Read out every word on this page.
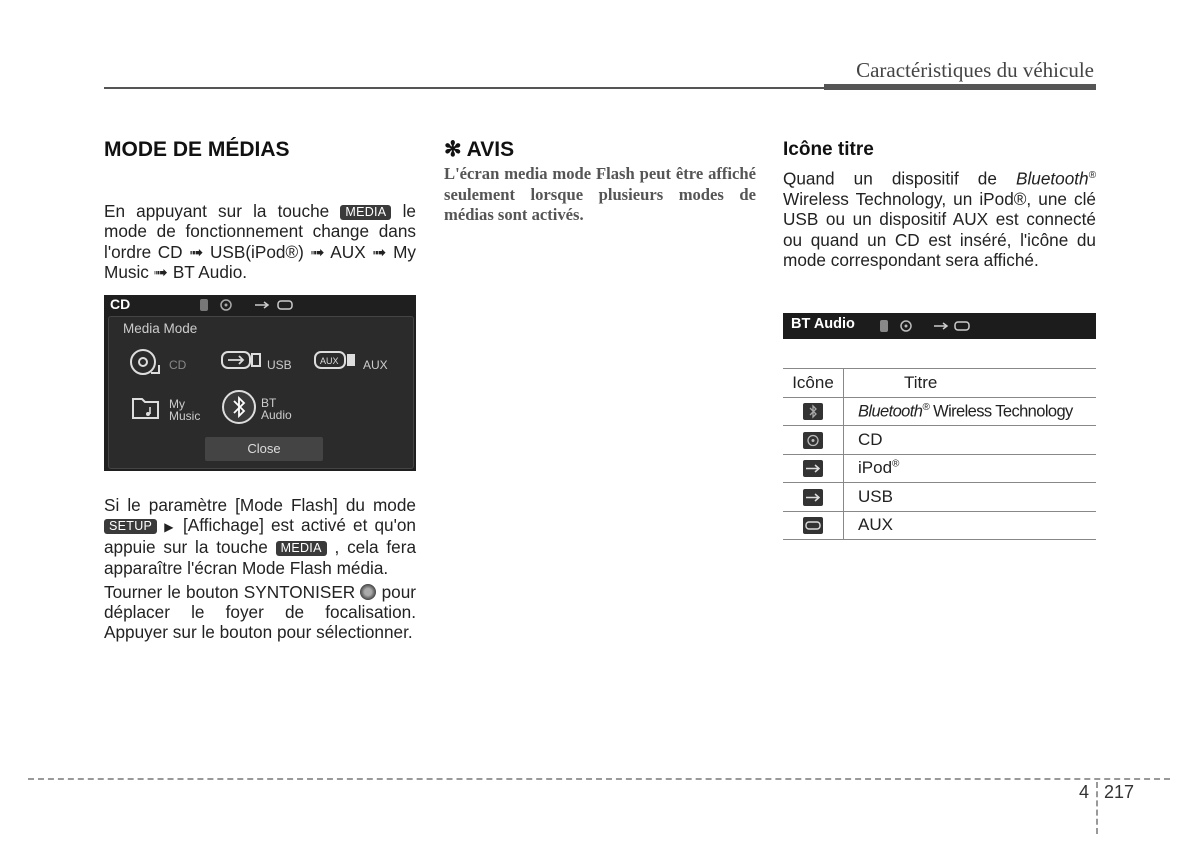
Caractéristiques du véhicule
MODE DE MÉDIAS

En appuyant sur la touche MEDIA le mode de fonctionnement change dans l'ordre CD ➟ USB(iPod®) ➟ AUX ➟ My Music ➟ BT Audio.

CD
Media Mode
CD	USB	AUX AUX
My
Music
BT
Audio
Close

Si le paramètre [Mode Flash] du mode SETUP ▶ [Affichage] est activé et qu'on appuie sur la touche MEDIA , cela fera apparaître l'écran Mode Flash média.

Tourner le bouton SYNTONISER pour déplacer le foyer de focalisation. Appuyer sur le bouton pour sélectionner.

✻ AVIS

L'écran media mode Flash peut être affiché seulement lorsque plusieurs modes de médias sont activés.

Icône titre

Quand un dispositif de Bluetooth® Wireless Technology, un iPod®, une clé USB ou un dispositif AUX est connecté ou quand un CD est inséré, l'icône du mode correspondant sera affiché.

BT Audio
Icône	Titre
	Bluetooth® Wireless Technology
	CD
	iPod®
	USB
	AUX
4 217
